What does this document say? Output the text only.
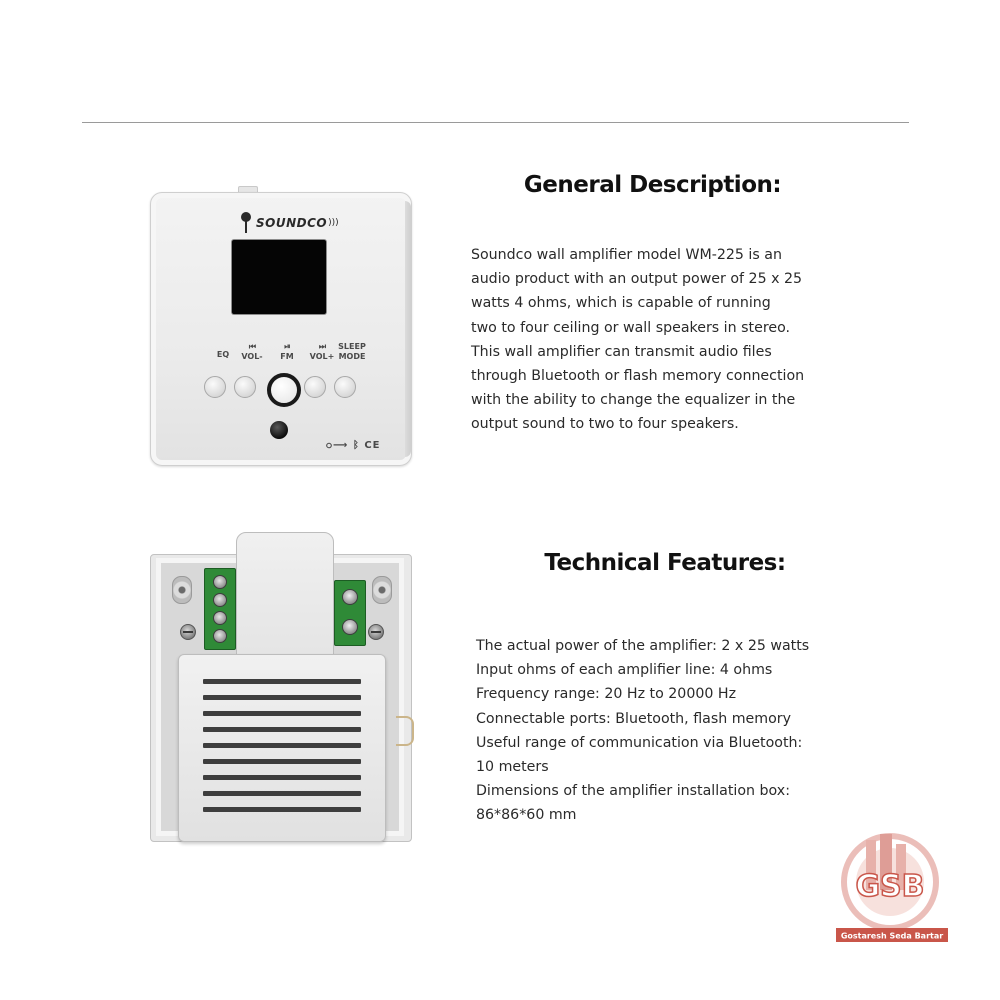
SOUNDCO )))
EQ
⏮
VOL-
⏯
FM
⏭
VOL+
SLEEP MODE
⭘⟶ ᛒ CE
General Description:

Soundco wall amplifier model WM-225 is an
audio product with an output power of 25 x 25
watts 4 ohms, which is capable of running
two to four ceiling or wall speakers in stereo.
This wall amplifier can transmit audio files
through Bluetooth or flash memory connection
with the ability to change the equalizer in the
output sound to two to four speakers.

Technical Features:
The actual power of the amplifier: 2 x 25 watts
Input ohms of each amplifier line: 4 ohms
Frequency range: 20 Hz to 20000 Hz
Connectable ports: Bluetooth, flash memory
Useful range of communication via Bluetooth:
10 meters
Dimensions of the amplifier installation box:
86*86*60 mm
GSB
Gostaresh Seda Bartar
